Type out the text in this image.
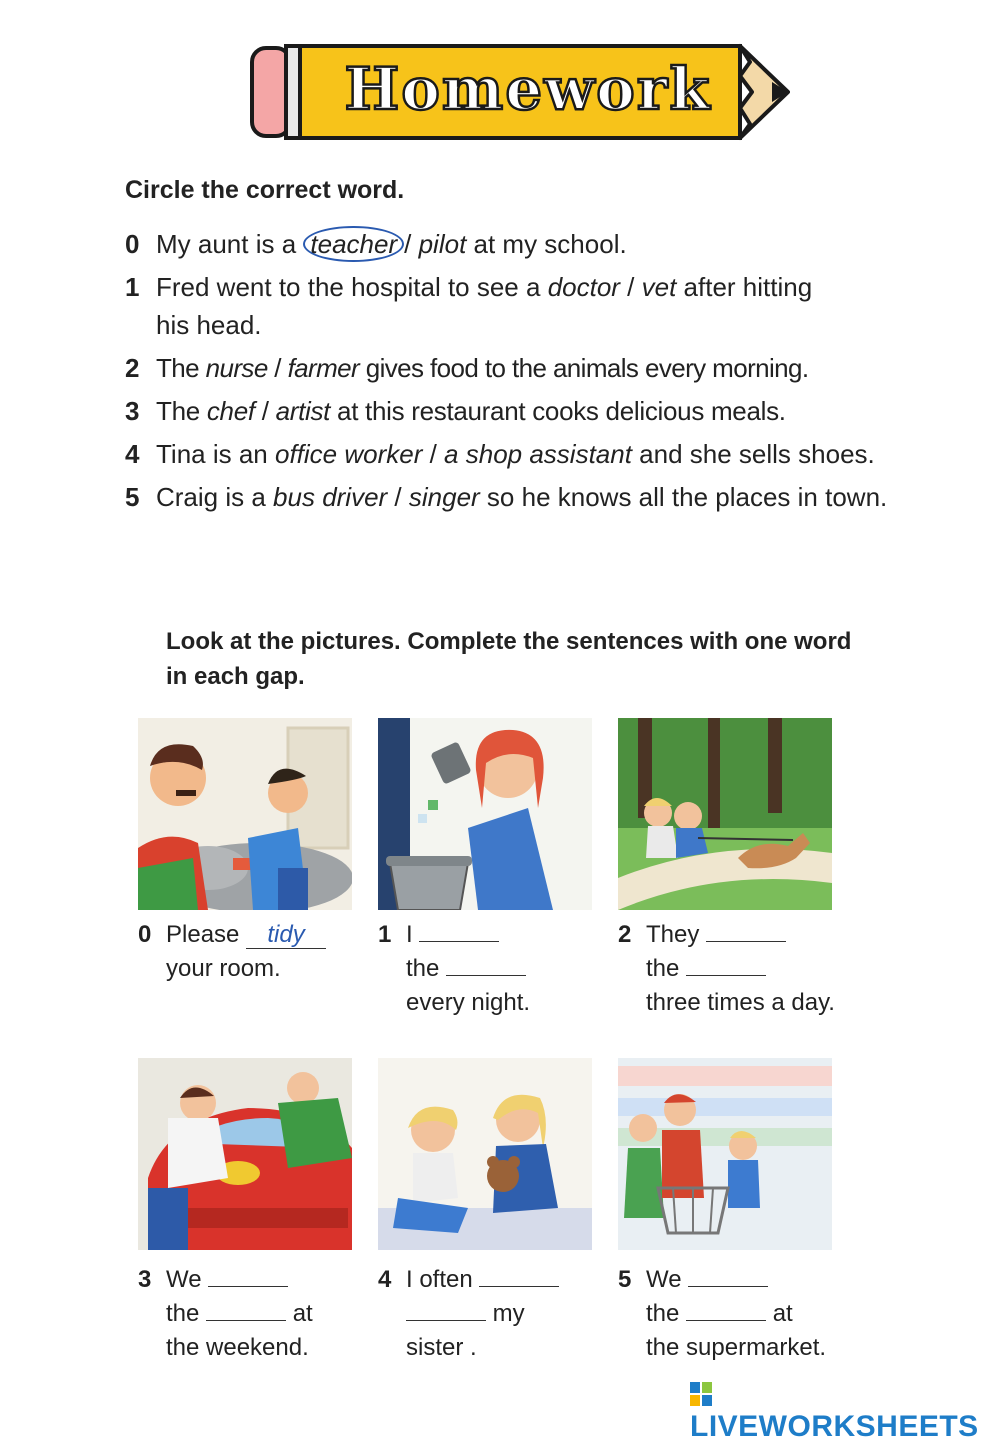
Homework
Circle the correct word.
0 My aunt is a teacher / pilot at my school.
1 Fred went to the hospital to see a doctor / vet after hitting his head.
2 The nurse / farmer gives food to the animals every morning.
3 The chef / artist at this restaurant cooks delicious meals.
4 Tina is an office worker / a shop assistant and she sells shoes.
5 Craig is a bus driver / singer so he knows all the places in town.
Look at the pictures. Complete the sentences with one word in each gap.
0 Please tidy
your room.
1 I
the
every night.
2 They
the
three times a day.
3 We
the	at
the weekend.
4 I often
my
sister .
5 We
the	at
the supermarket.
LIVEWORKSHEETS
